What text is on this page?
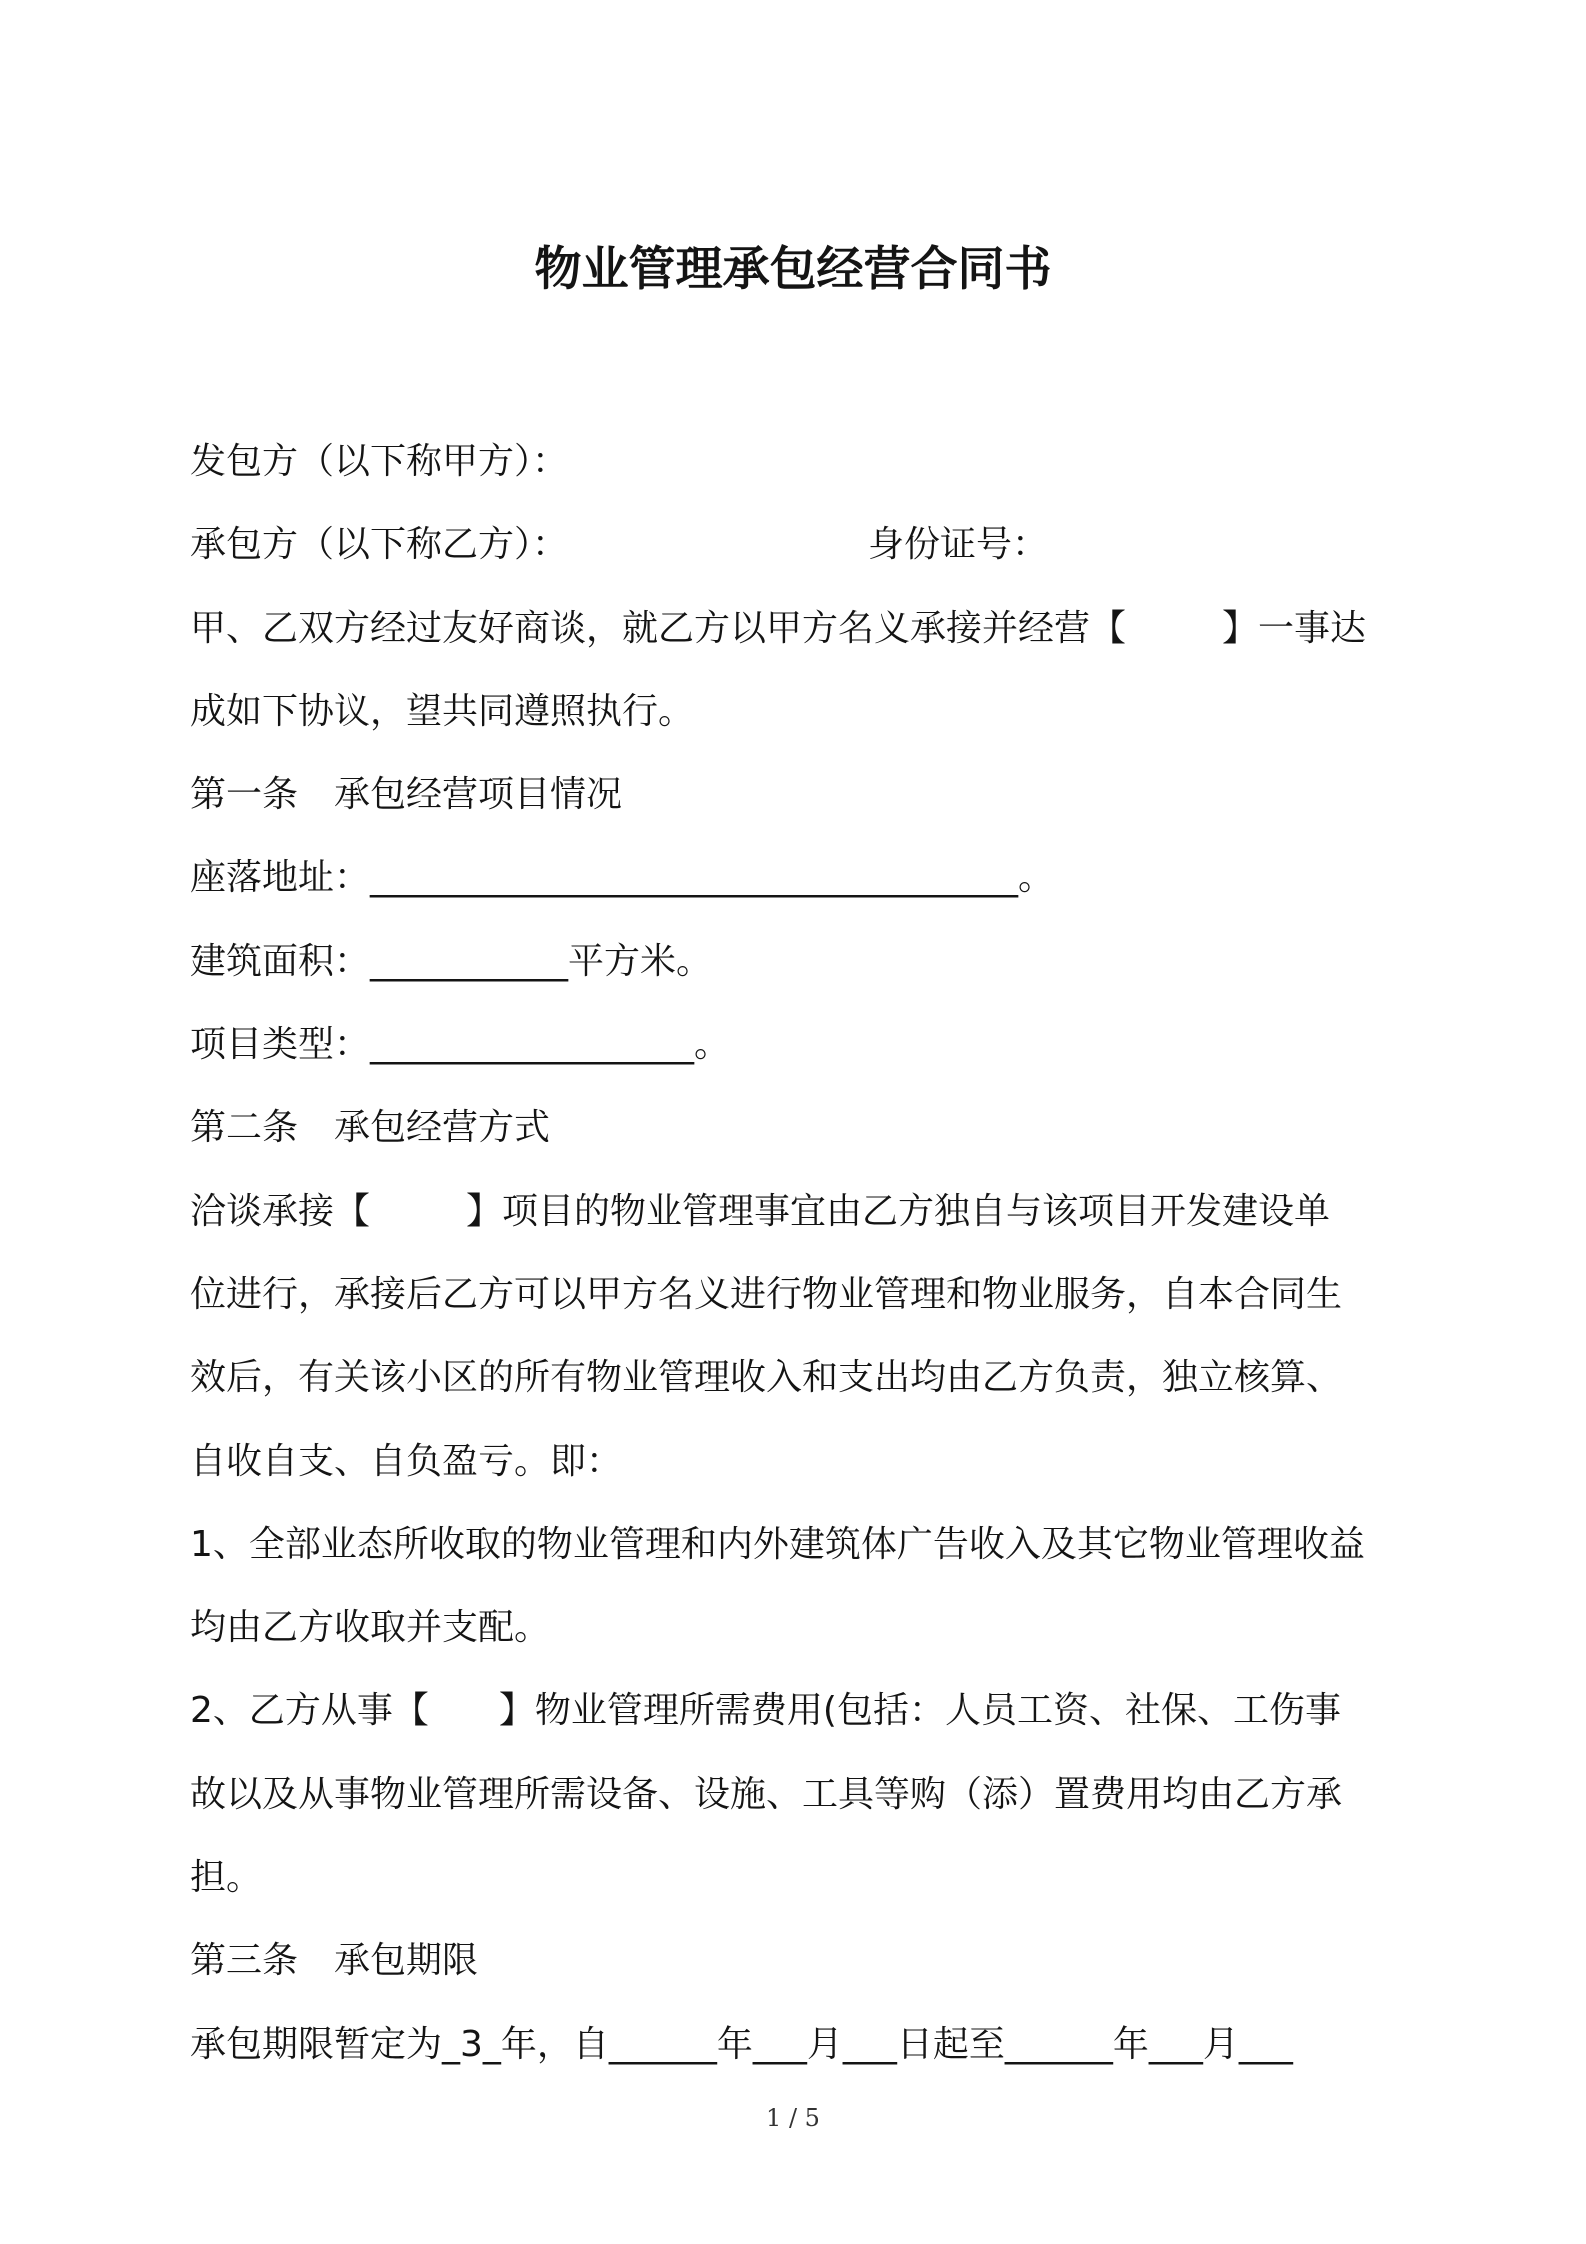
物业管理承包经营合同书
发包方（以下称甲方）：
承包方（以下称乙方）：	身份证号：
甲、乙双方经过友好商谈，就乙方以甲方名义承接并经营【	】一事达
成如下协议，望共同遵照执行。
第一条　承包经营项目情况
座落地址：____________________________________。
建筑面积：___________平方米。
项目类型：__________________。
第二条　承包经营方式
洽谈承接【	】项目的物业管理事宜由乙方独自与该项目开发建设单
位进行，承接后乙方可以甲方名义进行物业管理和物业服务，自本合同生
效后，有关该小区的所有物业管理收入和支出均由乙方负责，独立核算、
自收自支、自负盈亏。即：
1、全部业态所收取的物业管理和内外建筑体广告收入及其它物业管理收益
均由乙方收取并支配。
2、乙方从事【 】物业管理所需费用(包括：人员工资、社保、工伤事
故以及从事物业管理所需设备、设施、工具等购（添）置费用均由乙方承
担。
第三条　承包期限
承包期限暂定为_3_年，自______年___月___日起至______年___月___
1 / 5
